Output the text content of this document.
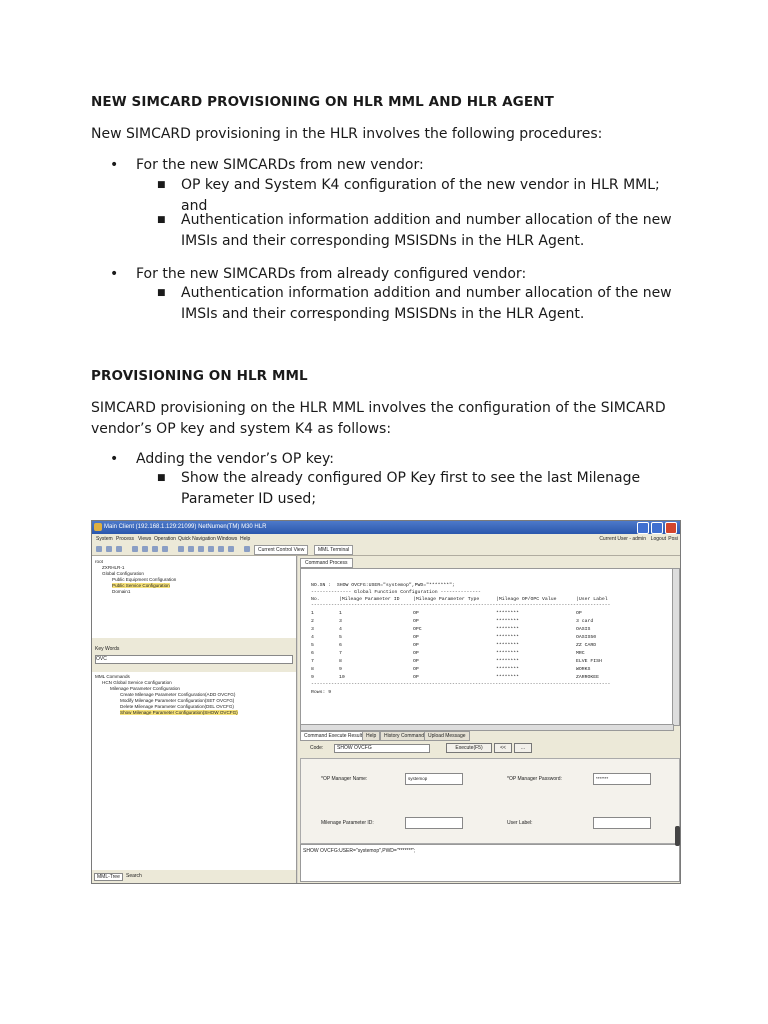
NEW SIMCARD PROVISIONING ON HLR MML AND HLR AGENT
New SIMCARD provisioning in the HLR involves the following procedures:
• For the new SIMCARDs from new vendor:
■ OP key and System K4 configuration of the new vendor in HLR MML;
and
■ Authentication information addition and number allocation of the new
IMSIs and their corresponding MSISDNs in the HLR Agent.
• For the new SIMCARDs from already configured vendor:
■ Authentication information addition and number allocation of the new
IMSIs and their corresponding MSISDNs in the HLR Agent.
PROVISIONING ON HLR MML
SIMCARD provisioning on the HLR MML involves the configuration of the SIMCARD
vendor’s OP key and system K4 as follows:
• Adding the vendor’s OP key:
■ Show the already configured OP Key first to see the last Milenage
Parameter ID used;
Main Client (192.168.1.129:21099) NetNumen(TM) M30 HLR
System Process Views Operation Quick Navigation Windows Help	Current User - admin Logout Posi
Current Control View	MML Terminal
root
ZXRHLR-1
Global Configuration
Public Equipment Configuration
Public Service Configuration
Domain1
Key Words
OVC
MML Commands
HCN Global Service Configuration
Milenage Parameter Configuration
Create Milenage Parameter Configuration(ADD OVCFG)
Modify Milenage Parameter Configuration(SET OVCFG)
Delete Milenage Parameter Configuration(DEL OVCFG)
Show Milenage Parameter Configuration(SHOW OVCFG)
MML-Tree	Search
Command Process
NO.SN :  SHOW OVCFG:USER="systemop",PWD="*******";
-------------- Global Function Configuration --------------
No.	|Mileage Parameter ID	|Mileage Parameter Type	|Mileage OP/OPC Value	|User Label
--------------------------------------------------------------------------------------------------------
1	1	OP	********	OP
2	3	OP	********	3 card
3	4	OPC	********	OASIS
4	5	OP	********	OASIS50
5	6	OP	********	ZZ CARD
6	7	OP	********	MRC
7	8	OP	********	ELVE FISH
8	9	OP	********	WORKS
9	10	OP	********	ZARROKEE
--------------------------------------------------------------------------------------------------------
Rows: 9
Command Execute Result Help	History Command Upload Message
Code:	SHOW OVCFG	Execute(F5)	<<	...
*OP Manager Name:	systemop	*OP Manager Password:	*******
Milenage Parameter ID:	User Label:
SHOW OVCFG:USER="systemop",PWD="*******";
